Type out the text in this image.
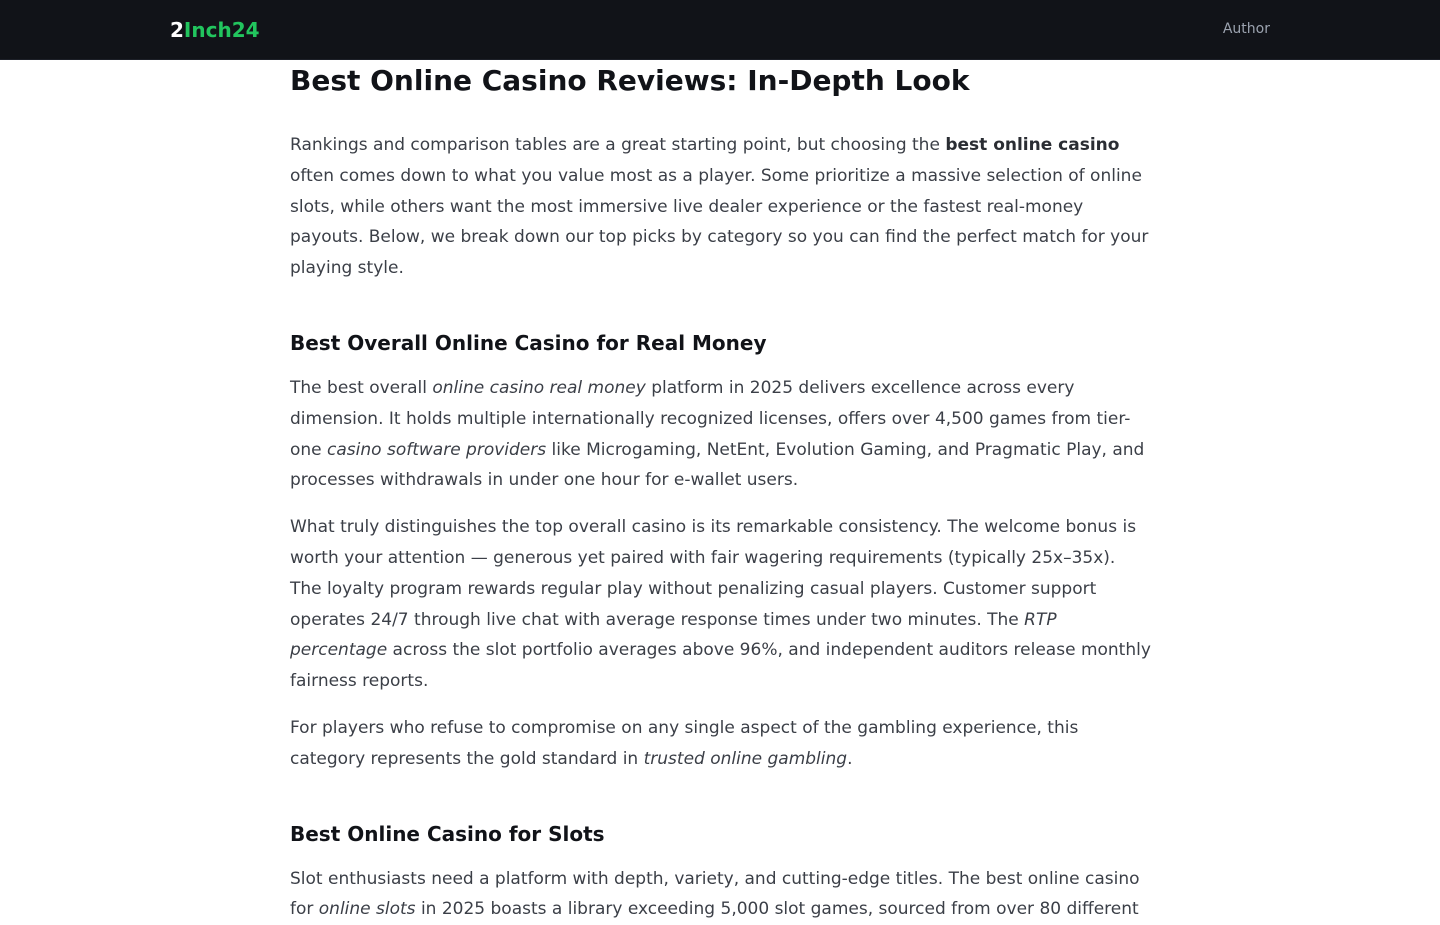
2Inch24	Author
Best Online Casino Reviews: In-Depth Look

Rankings and comparison tables are a great starting point, but choosing the best online casino often comes down to what you value most as a player. Some prioritize a massive selection of online slots, while others want the most immersive live dealer experience or the fastest real-money payouts. Below, we break down our top picks by category so you can find the perfect match for your playing style.

Best Overall Online Casino for Real Money

The best overall online casino real money platform in 2025 delivers excellence across every dimension. It holds multiple internationally recognized licenses, offers over 4,500 games from tier-one casino software providers like Microgaming, NetEnt, Evolution Gaming, and Pragmatic Play, and processes withdrawals in under one hour for e-wallet users.

What truly distinguishes the top overall casino is its remarkable consistency. The welcome bonus is worth your attention — generous yet paired with fair wagering requirements (typically 25x–35x). The loyalty program rewards regular play without penalizing casual players. Customer support operates 24/7 through live chat with average response times under two minutes. The RTP percentage across the slot portfolio averages above 96%, and independent auditors release monthly fairness reports.

For players who refuse to compromise on any single aspect of the gambling experience, this category represents the gold standard in trusted online gambling.

Best Online Casino for Slots

Slot enthusiasts need a platform with depth, variety, and cutting-edge titles. The best online casino for online slots in 2025 boasts a library exceeding 5,000 slot games, sourced from over 80 different
